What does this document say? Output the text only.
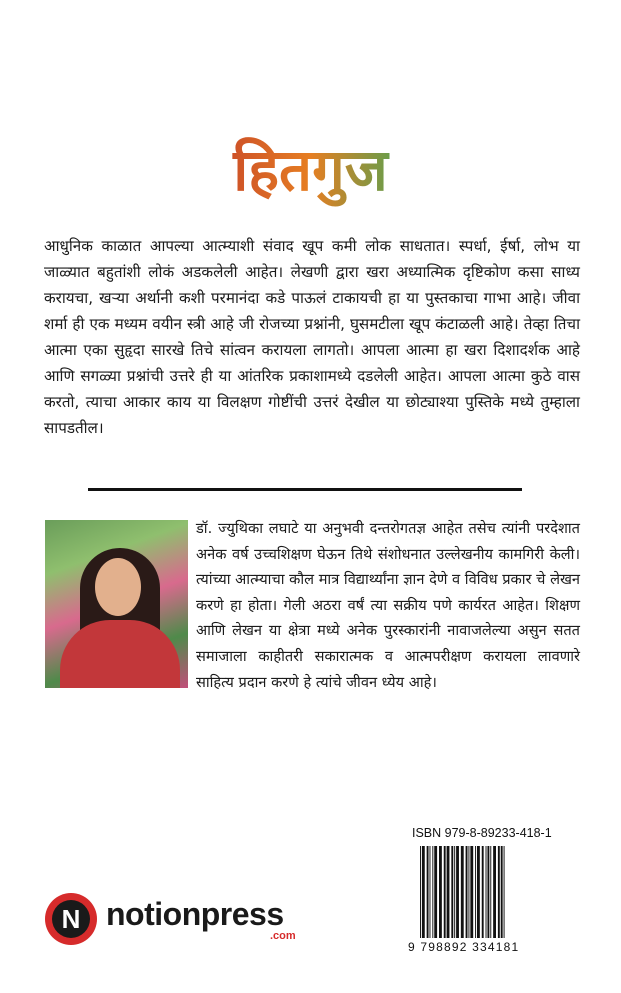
हितगुज

आधुनिक काळात आपल्या आत्म्याशी संवाद खूप कमी लोक साधतात। स्पर्धा, ईर्षा, लोभ या जाळ्यात बहुतांशी लोकं अडकलेली आहेत। लेखणी द्वारा खरा अध्यात्मिक दृष्टिकोण कसा साध्य करायचा, खऱ्या अर्थानी कशी परमानंदा कडे पाऊलं टाकायची हा या पुस्तकाचा गाभा आहे। जीवा शर्मा ही एक मध्यम वयीन स्त्री आहे जी रोजच्या प्रश्नांनी, घुसमटीला खूप कंटाळली आहे। तेव्हा तिचा आत्मा एका सुहृदा सारखे तिचे सांत्वन करायला लागतो। आपला आत्मा हा खरा दिशादर्शक आहे आणि सगळ्या प्रश्नांची उत्तरे ही या आंतरिक प्रकाशामध्ये दडलेली आहेत। आपला आत्मा कुठे वास करतो, त्याचा आकार काय या विलक्षण गोष्टींची उत्तरं देखील या छोट्याश्या पुस्तिके मध्ये तुम्हाला सापडतील।

डॉ. ज्युथिका लघाटे या अनुभवी दन्तरोगतज्ञ आहेत तसेच त्यांनी परदेशात अनेक वर्ष उच्चशिक्षण घेऊन तिथे संशोधनात उल्लेखनीय कामगिरी केली। त्यांच्या आत्म्याचा कौल मात्र विद्यार्थ्यांना ज्ञान देणे व विविध प्रकार चे लेखन करणे हा होता। गेली अठरा वर्षं त्या सक्रीय पणे कार्यरत आहेत। शिक्षण आणि लेखन या क्षेत्रा मध्ये अनेक पुरस्कारांनी नावाजलेल्या असुन सतत समाजाला काहीतरी सकारात्मक व आत्मपरीक्षण करायला लावणारे साहित्य प्रदान करणे हे त्यांचे जीवन ध्येय आहे।

ISBN 979-8-89233-418-1
9 798892 334181
N notionpress
.com
